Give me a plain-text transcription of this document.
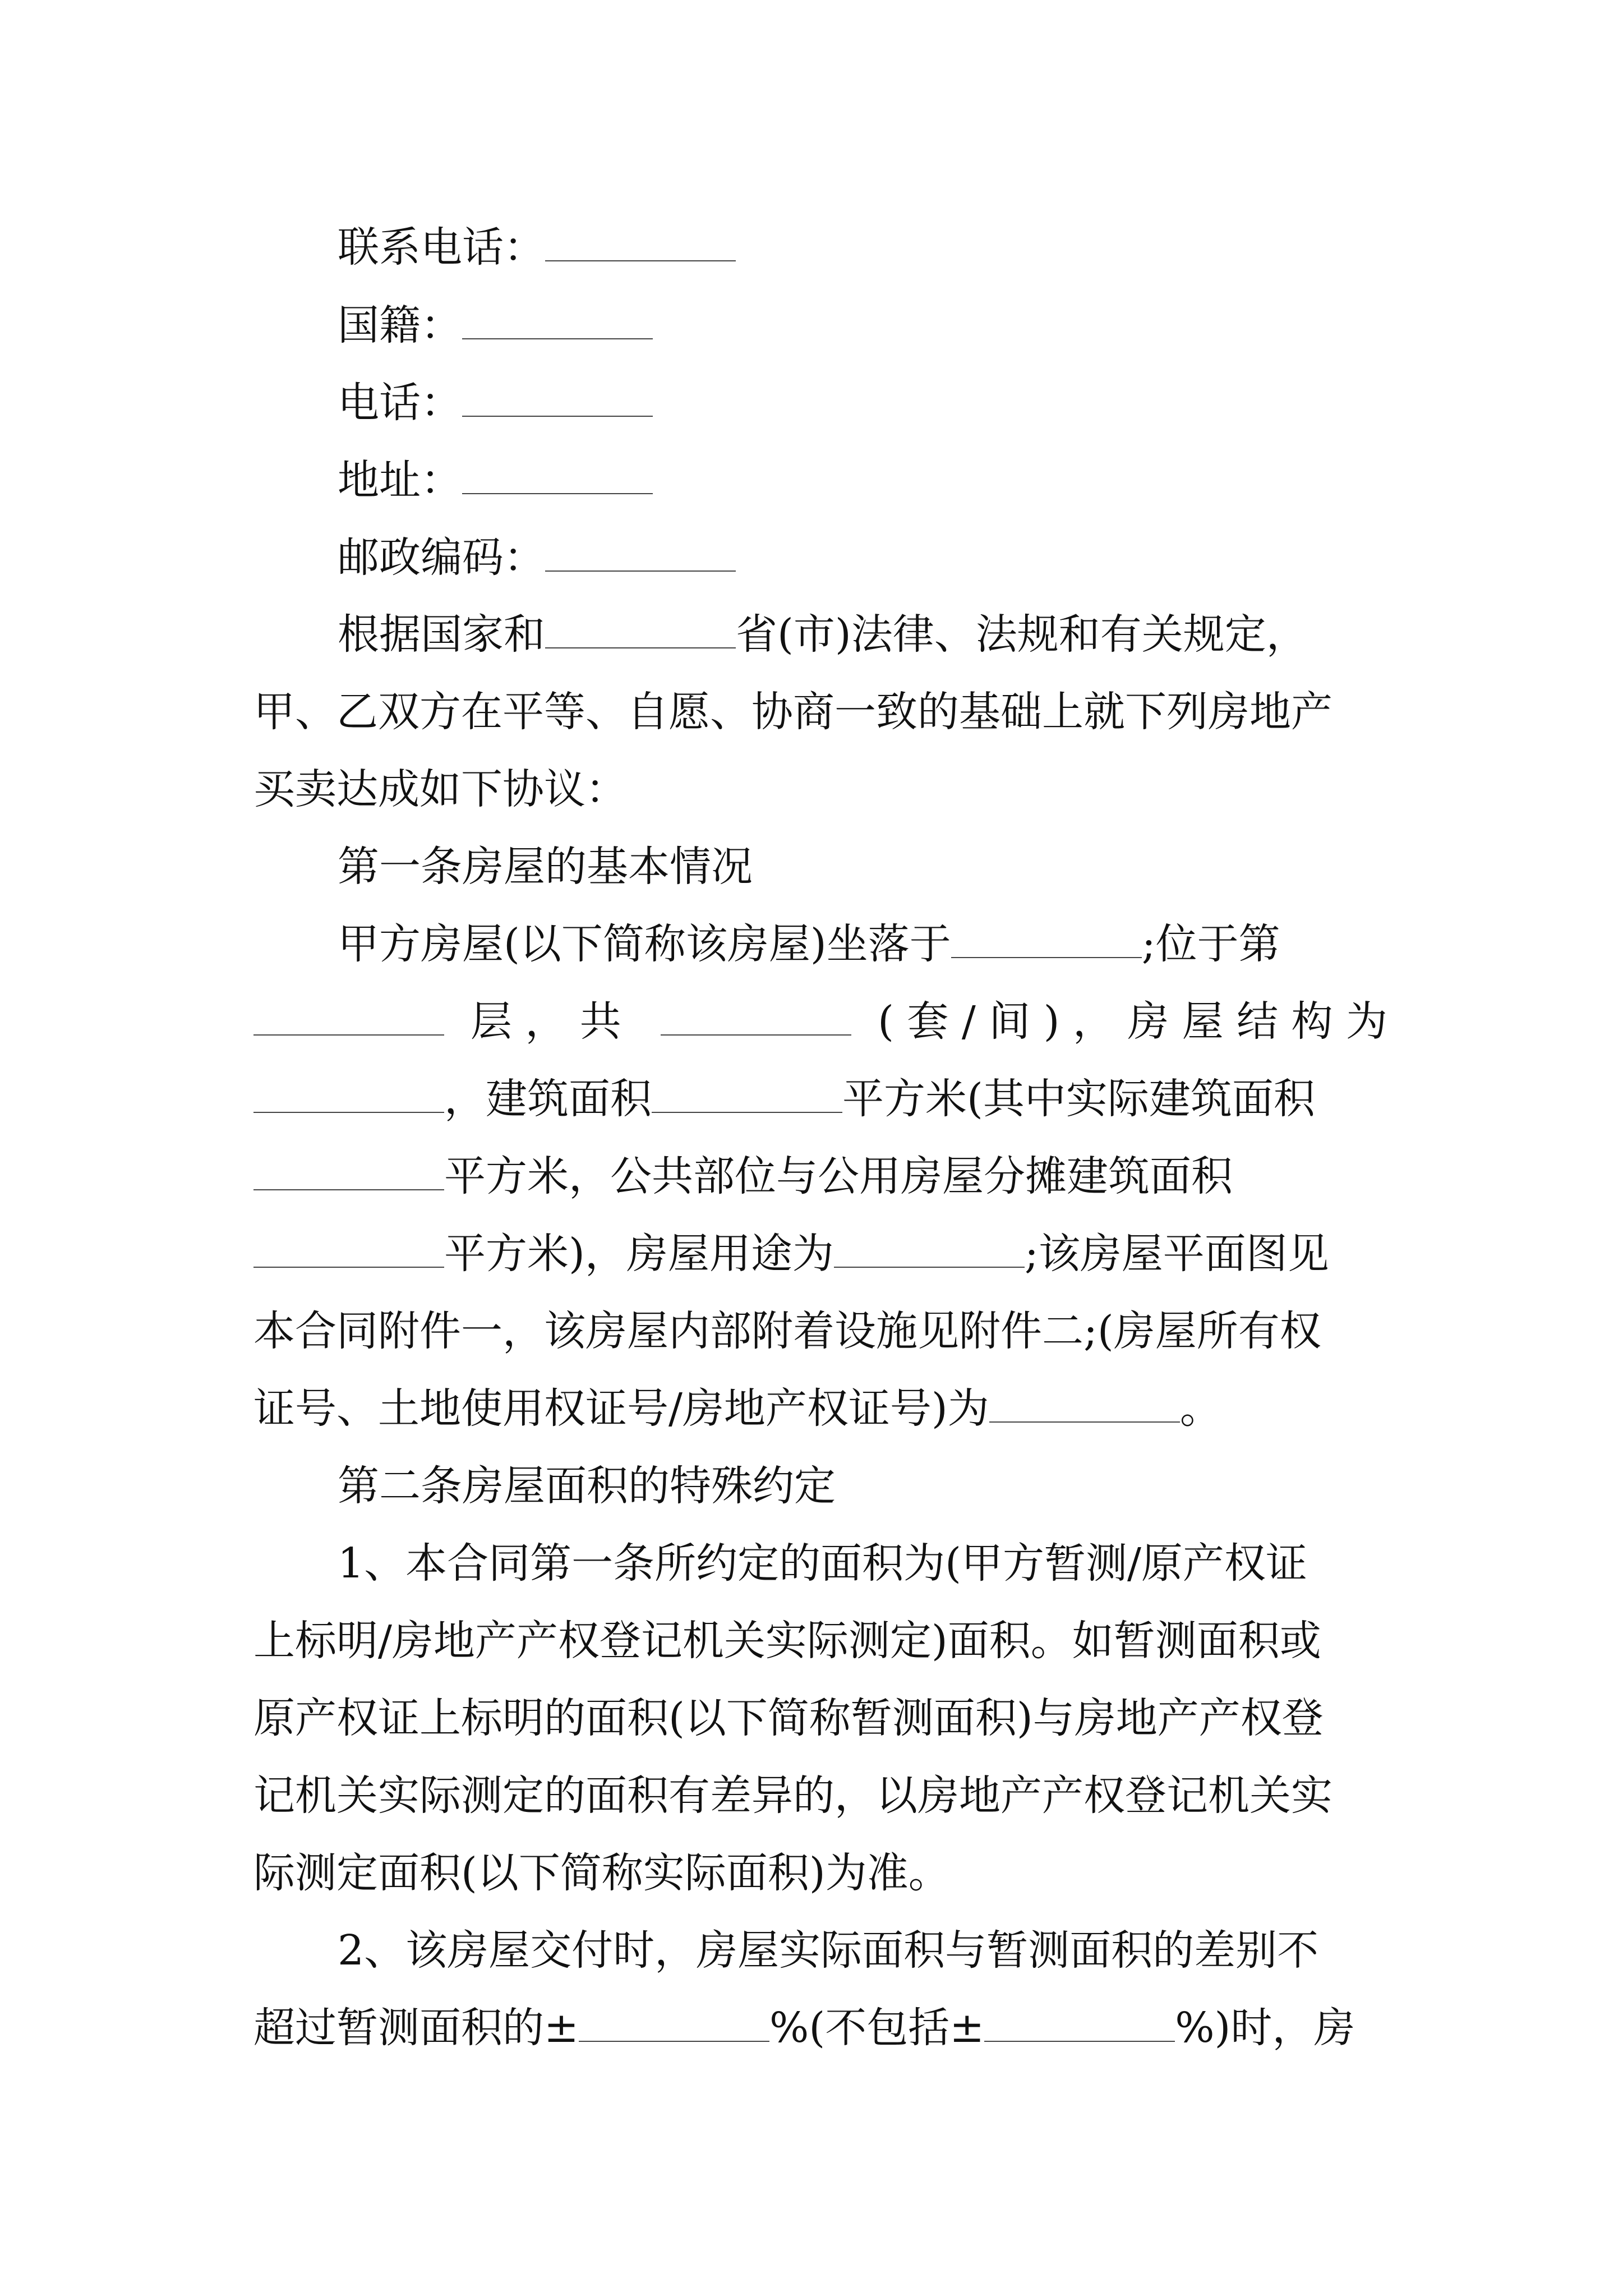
联系电话：
国籍：
电话：
地址：
邮政编码：
根据国家和	省(市)法律、法规和有关规定，
甲、乙双方在平等、自愿、协商一致的基础上就下列房地产
买卖达成如下协议：
第一条房屋的基本情况
甲方房屋(以下简称该房屋)坐落于	;位于第
层，共	(套/间)，房屋结构为
，建筑面积	平方米(其中实际建筑面积
平方米，公共部位与公用房屋分摊建筑面积
平方米)，房屋用途为	;该房屋平面图见
本合同附件一，该房屋内部附着设施见附件二;(房屋所有权
证号、土地使用权证号/房地产权证号)为	。
第二条房屋面积的特殊约定
1、本合同第一条所约定的面积为(甲方暂测/原产权证
上标明/房地产产权登记机关实际测定)面积。如暂测面积或
原产权证上标明的面积(以下简称暂测面积)与房地产产权登
记机关实际测定的面积有差异的，以房地产产权登记机关实
际测定面积(以下简称实际面积)为准。
2、该房屋交付时，房屋实际面积与暂测面积的差别不
超过暂测面积的±	%(不包括±	%)时，房
